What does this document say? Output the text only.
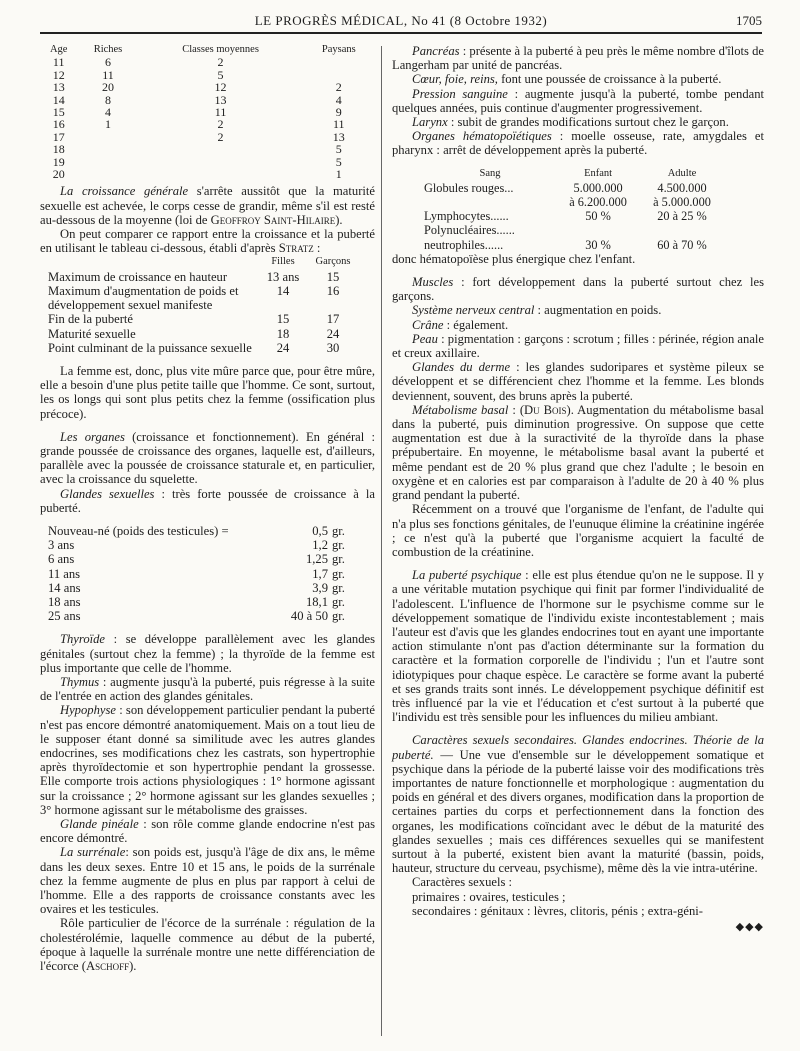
LE PROGRÈS MÉDICAL, No 41 (8 Octobre 1932)	1705
Age	Riches	Classes moyennes	Paysans
11	6	2	
12	11	5	
13	20	12	2
14	8	13	4
15	4	11	9
16	1	2	11
17		2	13
18			5
19			5
20			1

La croissance générale s'arrête aussitôt que la maturité sexuelle est achevée, le corps cesse de grandir, même s'il est resté au-dessous de la moyenne (loi de Geoffroy Saint-Hilaire).

On peut comparer ce rapport entre la croissance et la puberté en utilisant le tableau ci-dessous, établi d'après Stratz :

	Filles	Garçons
Maximum de croissance en hauteur	13 ans	15
Maximum d'augmentation de poids et développement sexuel manifeste	14	16
Fin de la puberté	15	17
Maturité sexuelle	18	24
Point culminant de la puissance sexuelle	24	30

La femme est, donc, plus vite mûre parce que, pour être mûre, elle a besoin d'une plus petite taille que l'homme. Ce sont, surtout, les os longs qui sont plus petits chez la femme (ossification plus précoce).

Les organes (croissance et fonctionnement). En général : grande poussée de croissance des organes, laquelle est, d'ailleurs, parallèle avec la poussée de croissance staturale et, en particulier, avec la croissance du squelette.

Glandes sexuelles : très forte poussée de croissance à la puberté.

Nouveau-né (poids des testicules) =	0,5	gr.
3 ans	1,2	gr.
6 ans	1,25	gr.
11 ans	1,7	gr.
14 ans	3,9	gr.
18 ans	18,1	gr.
25 ans	40 à 50	gr.

Thyroïde : se développe parallèlement avec les glandes génitales (surtout chez la femme) ; la thyroïde de la femme est plus importante que celle de l'homme.

Thymus : augmente jusqu'à la puberté, puis régresse à la suite de l'entrée en action des glandes génitales.

Hypophyse : son développement particulier pendant la puberté n'est pas encore démontré anatomiquement. Mais on a tout lieu de le supposer étant donné sa similitude avec les autres glandes endocrines, ses modifications chez les castrats, son hypertrophie après thyroïdectomie et son hypertrophie pendant la grossesse. Elle comporte trois actions physiologiques : 1° hormone agissant sur la croissance ; 2° hormone agissant sur les glandes sexuelles ; 3° hormone agissant sur le métabolisme des graisses.

Glande pinéale : son rôle comme glande endocrine n'est pas encore démontré.

La surrénale: son poids est, jusqu'à l'âge de dix ans, le même dans les deux sexes. Entre 10 et 15 ans, le poids de la surrénale chez la femme augmente de plus en plus par rapport à celui de l'homme. Elle a des rapports de croissance constants avec les ovaires et les testicules.

Rôle particulier de l'écorce de la surrénale : régulation de la cholestérolémie, laquelle commence au début de la puberté, époque à laquelle la surrénale montre une nette différenciation de l'écorce (Aschoff).

Pancréas : présente à la puberté à peu près le même nombre d'îlots de Langerham par unité de pancréas.

Cœur, foie, reins, font une poussée de croissance à la puberté.

Pression sanguine : augmente jusqu'à la puberté, tombe pendant quelques années, puis continue d'augmenter progressivement.

Larynx : subit de grandes modifications surtout chez le garçon.

Organes hématopoïétiques : moelle osseuse, rate, amygdales et pharynx : arrêt de développement après la puberté.

Sang	Enfant	Adulte
Globules rouges...	5.000.000	4.500.000
	à 6.200.000	à 5.000.000
Lymphocytes......	50 %	20 à 25 %
Polynucléaires......		
neutrophiles......	30 %	60 à 70 %

donc hématopoïèse plus énergique chez l'enfant.

Muscles : fort développement dans la puberté surtout chez les garçons.

Système nerveux central : augmentation en poids.

Crâne : également.

Peau : pigmentation : garçons : scrotum ; filles : périnée, région anale et creux axillaire.

Glandes du derme : les glandes sudoripares et système pileux se développent et se différencient chez l'homme et la femme. Les blonds deviennent, souvent, des bruns après la puberté.

Métabolisme basal : (Du Bois). Augmentation du métabolisme basal dans la puberté, puis diminution progressive. On suppose que cette augmentation est due à la suractivité de la thyroïde dans la phase prépubertaire. En moyenne, le métabolisme basal avant la puberté et même pendant est de 20 % plus grand que chez l'adulte ; le besoin en oxygène et en calories est par comparaison à l'adulte de 20 à 40 % plus grand pendant la puberté.

Récemment on a trouvé que l'organisme de l'enfant, de l'adulte qui n'a plus ses fonctions génitales, de l'eunuque élimine la créatinine ingérée ; ce n'est qu'à la puberté que l'organisme acquiert la faculté de combustion de la créatinine.

La puberté psychique : elle est plus étendue qu'on ne le suppose. Il y a une véritable mutation psychique qui finit par former l'individualité de l'adolescent. L'influence de l'hormone sur le psychisme comme sur le développement somatique de l'individu existe incontestablement ; mais l'auteur est d'avis que les glandes endocrines tout en ayant une importante action stimulante n'ont pas d'action déterminante sur la formation du caractère et la formation corporelle de l'individu ; l'un et l'autre sont idiotypiques pour chaque espèce. Le caractère se forme avant la puberté et ses grands traits sont innés. Le développement psychique définitif est très influencé par la vie et l'éducation et c'est surtout à la puberté que l'individu est très sensible pour les influences du milieu ambiant.

Caractères sexuels secondaires. Glandes endocrines. Théorie de la puberté. — Une vue d'ensemble sur le développement somatique et psychique dans la période de la puberté laisse voir des modifications très importantes de nature fonctionnelle et morphologique : augmentation du poids en général et des divers organes, modification dans la proportion de certaines parties du corps et perfectionnement dans la fonction des organes, les modifications coïncidant avec le début de la maturité des glandes sexuelles ; mais ces différences sexuelles qui se manifestent surtout à la puberté, existent bien avant la maturité (bassin, poids, hauteur, structure du cerveau, psychisme), même dès la vie intra-utérine.

Caractères sexuels :

primaires : ovaires, testicules ;

secondaires : génitaux : lèvres, clitoris, pénis ; extra-géni-

◆◆◆
